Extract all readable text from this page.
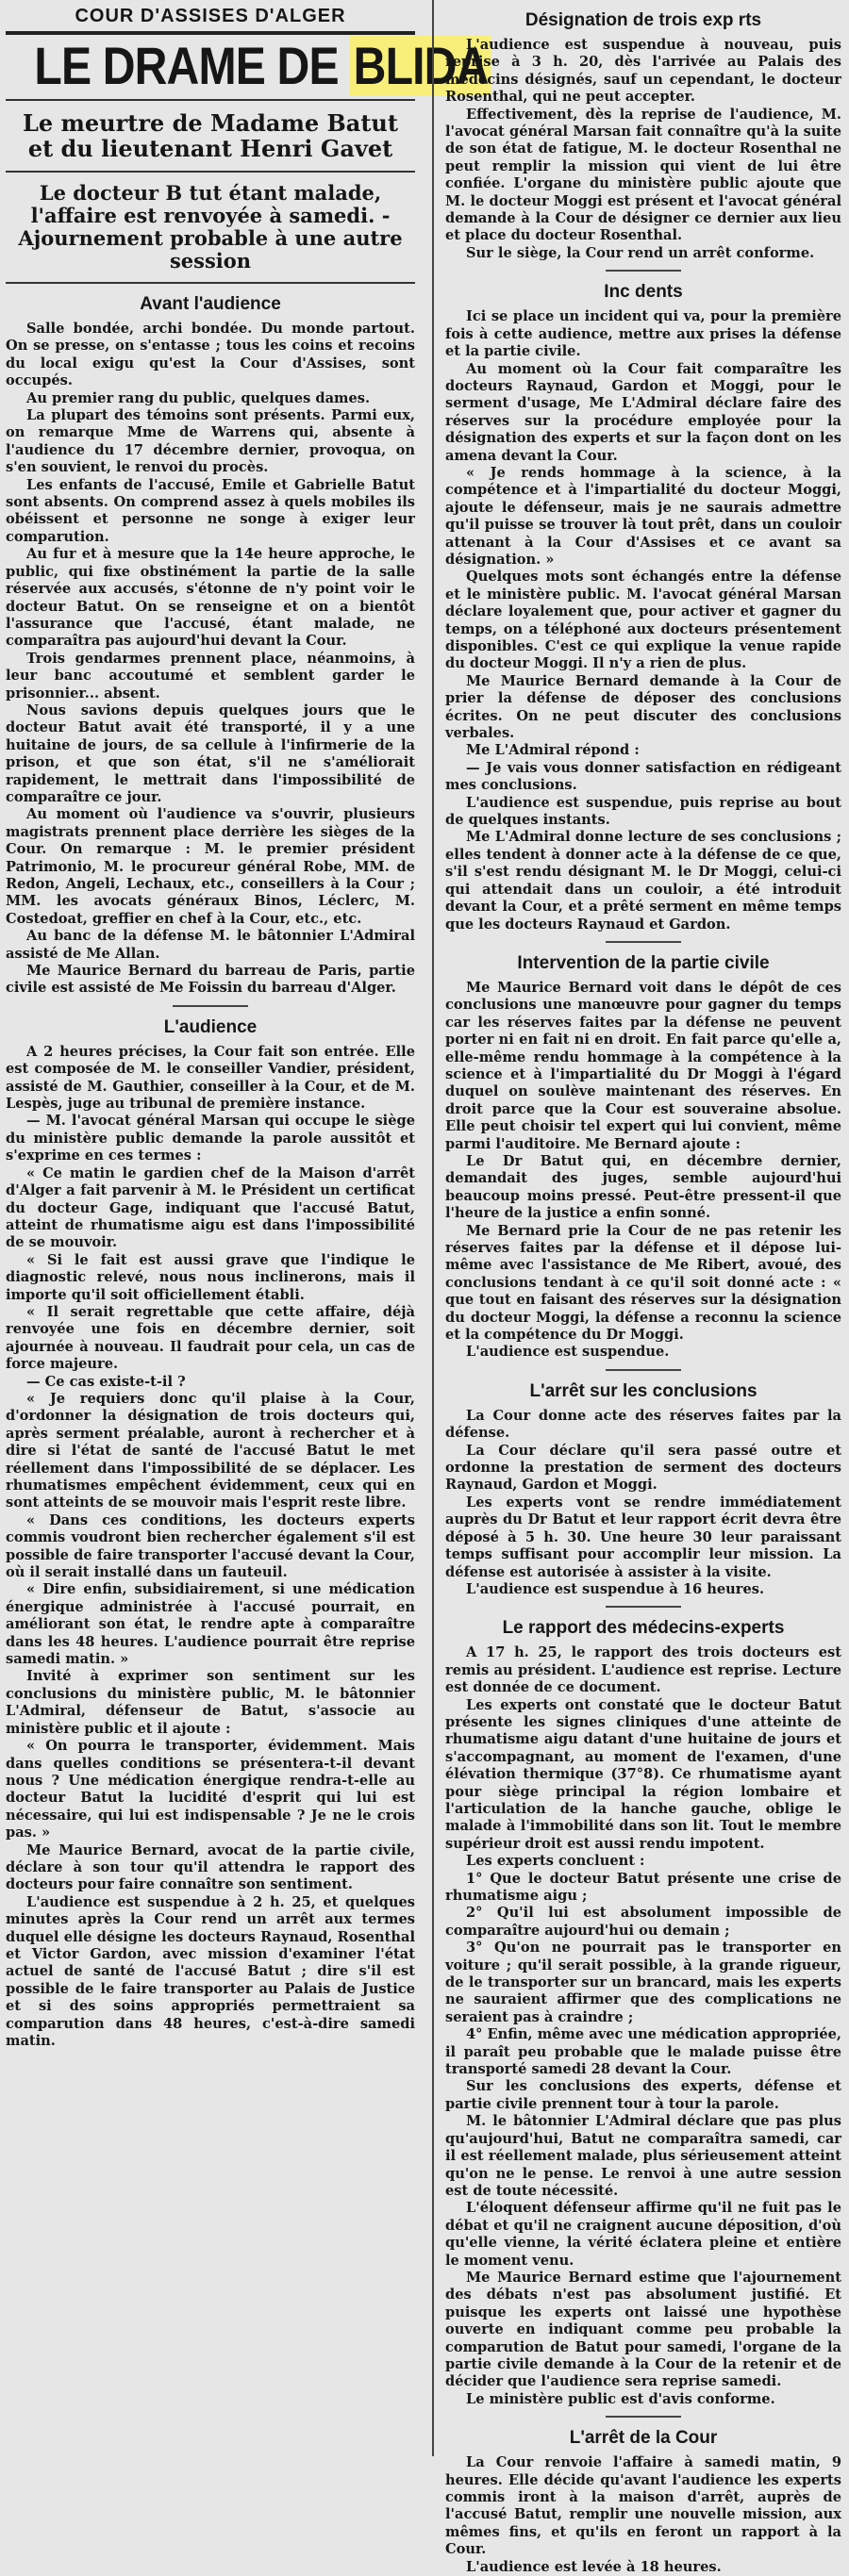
COUR D'ASSISES D'ALGER
LE DRAME DE BLIDA
Le meurtre de Madame Batut et du lieutenant Henri Gavet
Le docteur B tut étant malade, l'affaire est renvoyée à samedi. - Ajournement probable à une autre session
Avant l'audience

Salle bondée, archi bondée. Du monde partout. On se presse, on s'entasse ; tous les coins et recoins du local exigu qu'est la Cour d'Assises, sont occupés.

Au premier rang du public, quelques dames.

La plupart des témoins sont présents. Parmi eux, on remarque Mme de Warrens qui, absente à l'audience du 17 décembre dernier, provoqua, on s'en souvient, le renvoi du procès.

Les enfants de l'accusé, Emile et Gabrielle Batut sont absents. On comprend assez à quels mobiles ils obéissent et personne ne songe à exiger leur comparution.

Au fur et à mesure que la 14e heure approche, le public, qui fixe obstinément la partie de la salle réservée aux accusés, s'étonne de n'y point voir le docteur Batut. On se renseigne et on a bientôt l'assurance que l'accusé, étant malade, ne comparaîtra pas aujourd'hui devant la Cour.

Trois gendarmes prennent place, néanmoins, à leur banc accoutumé et semblent garder le prisonnier... absent.

Nous savions depuis quelques jours que le docteur Batut avait été transporté, il y a une huitaine de jours, de sa cellule à l'infirmerie de la prison, et que son état, s'il ne s'améliorait rapidement, le mettrait dans l'impossibilité de comparaître ce jour.

Au moment où l'audience va s'ouvrir, plusieurs magistrats prennent place derrière les sièges de la Cour. On remarque : M. le premier président Patrimonio, M. le procureur général Robe, MM. de Redon, Angeli, Lechaux, etc., conseillers à la Cour ; MM. les avocats généraux Binos, Léclerc, M. Costedoat, greffier en chef à la Cour, etc., etc.

Au banc de la défense M. le bâtonnier L'Admiral assisté de Me Allan.

Me Maurice Bernard du barreau de Paris, partie civile est assisté de Me Foissin du barreau d'Alger.

L'audience

A 2 heures précises, la Cour fait son entrée. Elle est composée de M. le conseiller Vandier, président, assisté de M. Gauthier, conseiller à la Cour, et de M. Lespès, juge au tribunal de première instance.

— M. l'avocat général Marsan qui occupe le siège du ministère public demande la parole aussitôt et s'exprime en ces termes :

« Ce matin le gardien chef de la Maison d'arrêt d'Alger a fait parvenir à M. le Président un certificat du docteur Gage, indiquant que l'accusé Batut, atteint de rhumatisme aigu est dans l'impossibilité de se mouvoir.

« Si le fait est aussi grave que l'indique le diagnostic relevé, nous nous inclinerons, mais il importe qu'il soit officiellement établi.

« Il serait regrettable que cette affaire, déjà renvoyée une fois en décembre dernier, soit ajournée à nouveau. Il faudrait pour cela, un cas de force majeure.

— Ce cas existe-t-il ?

« Je requiers donc qu'il plaise à la Cour, d'ordonner la désignation de trois docteurs qui, après serment préalable, auront à rechercher et à dire si l'état de santé de l'accusé Batut le met réellement dans l'impossibilité de se déplacer. Les rhumatismes empêchent évidemment, ceux qui en sont atteints de se mouvoir mais l'esprit reste libre.

« Dans ces conditions, les docteurs experts commis voudront bien rechercher également s'il est possible de faire transporter l'accusé devant la Cour, où il serait installé dans un fauteuil.

« Dire enfin, subsidiairement, si une médication énergique administrée à l'accusé pourrait, en améliorant son état, le rendre apte à comparaître dans les 48 heures. L'audience pourrait être reprise samedi matin. »

Invité à exprimer son sentiment sur les conclusions du ministère public, M. le bâtonnier L'Admiral, défenseur de Batut, s'associe au ministère public et il ajoute :

« On pourra le transporter, évidemment. Mais dans quelles conditions se présentera-t-il devant nous ? Une médication énergique rendra-t-elle au docteur Batut la lucidité d'esprit qui lui est nécessaire, qui lui est indispensable ? Je ne le crois pas. »

Me Maurice Bernard, avocat de la partie civile, déclare à son tour qu'il attendra le rapport des docteurs pour faire connaître son sentiment.

L'audience est suspendue à 2 h. 25, et quelques minutes après la Cour rend un arrêt aux termes duquel elle désigne les docteurs Raynaud, Rosenthal et Victor Gardon, avec mission d'examiner l'état actuel de santé de l'accusé Batut ; dire s'il est possible de le faire transporter au Palais de Justice et si des soins appropriés permettraient sa comparution dans 48 heures, c'est-à-dire samedi matin.

Désignation de trois exp rts

L'audience est suspendue à nouveau, puis reprise à 3 h. 20, dès l'arrivée au Palais des médecins désignés, sauf un cependant, le docteur Rosenthal, qui ne peut accepter.

Effectivement, dès la reprise de l'audience, M. l'avocat général Marsan fait connaître qu'à la suite de son état de fatigue, M. le docteur Rosenthal ne peut remplir la mission qui vient de lui être confiée. L'organe du ministère public ajoute que M. le docteur Moggi est présent et l'avocat général demande à la Cour de désigner ce dernier aux lieu et place du docteur Rosenthal.

Sur le siège, la Cour rend un arrêt conforme.

Inc dents

Ici se place un incident qui va, pour la première fois à cette audience, mettre aux prises la défense et la partie civile.

Au moment où la Cour fait comparaître les docteurs Raynaud, Gardon et Moggi, pour le serment d'usage, Me L'Admiral déclare faire des réserves sur la procédure employée pour la désignation des experts et sur la façon dont on les amena devant la Cour.

« Je rends hommage à la science, à la compétence et à l'impartialité du docteur Moggi, ajoute le défenseur, mais je ne saurais admettre qu'il puisse se trouver là tout prêt, dans un couloir attenant à la Cour d'Assises et ce avant sa désignation. »

Quelques mots sont échangés entre la défense et le ministère public. M. l'avocat général Marsan déclare loyalement que, pour activer et gagner du temps, on a téléphoné aux docteurs présentement disponibles. C'est ce qui explique la venue rapide du docteur Moggi. Il n'y a rien de plus.

Me Maurice Bernard demande à la Cour de prier la défense de déposer des conclusions écrites. On ne peut discuter des conclusions verbales.

Me L'Admiral répond :

— Je vais vous donner satisfaction en rédigeant mes conclusions.

L'audience est suspendue, puis reprise au bout de quelques instants.

Me L'Admiral donne lecture de ses conclusions ; elles tendent à donner acte à la défense de ce que, s'il s'est rendu désignant M. le Dr Moggi, celui-ci qui attendait dans un couloir, a été introduit devant la Cour, et a prêté serment en même temps que les docteurs Raynaud et Gardon.

Intervention de la partie civile

Me Maurice Bernard voit dans le dépôt de ces conclusions une manœuvre pour gagner du temps car les réserves faites par la défense ne peuvent porter ni en fait ni en droit. En fait parce qu'elle a, elle-même rendu hommage à la compétence à la science et à l'impartialité du Dr Moggi à l'égard duquel on soulève maintenant des réserves. En droit parce que la Cour est souveraine absolue. Elle peut choisir tel expert qui lui convient, même parmi l'auditoire. Me Bernard ajoute :

Le Dr Batut qui, en décembre dernier, demandait des juges, semble aujourd'hui beaucoup moins pressé. Peut-être pressent-il que l'heure de la justice a enfin sonné.

Me Bernard prie la Cour de ne pas retenir les réserves faites par la défense et il dépose lui-même avec l'assistance de Me Ribert, avoué, des conclusions tendant à ce qu'il soit donné acte : « que tout en faisant des réserves sur la désignation du docteur Moggi, la défense a reconnu la science et la compétence du Dr Moggi.

L'audience est suspendue.

L'arrêt sur les conclusions

La Cour donne acte des réserves faites par la défense.

La Cour déclare qu'il sera passé outre et ordonne la prestation de serment des docteurs Raynaud, Gardon et Moggi.

Les experts vont se rendre immédiatement auprès du Dr Batut et leur rapport écrit devra être déposé à 5 h. 30. Une heure 30 leur paraissant temps suffisant pour accomplir leur mission. La défense est autorisée à assister à la visite.

L'audience est suspendue à 16 heures.

Le rapport des médecins-experts

A 17 h. 25, le rapport des trois docteurs est remis au président. L'audience est reprise. Lecture est donnée de ce document.

Les experts ont constaté que le docteur Batut présente les signes cliniques d'une atteinte de rhumatisme aigu datant d'une huitaine de jours et s'accompagnant, au moment de l'examen, d'une élévation thermique (37°8). Ce rhumatisme ayant pour siège principal la région lombaire et l'articulation de la hanche gauche, oblige le malade à l'immobilité dans son lit. Tout le membre supérieur droit est aussi rendu impotent.

Les experts concluent :

1° Que le docteur Batut présente une crise de rhumatisme aigu ;

2° Qu'il lui est absolument impossible de comparaître aujourd'hui ou demain ;

3° Qu'on ne pourrait pas le transporter en voiture ; qu'il serait possible, à la grande rigueur, de le transporter sur un brancard, mais les experts ne sauraient affirmer que des complications ne seraient pas à craindre ;

4° Enfin, même avec une médication appropriée, il paraît peu probable que le malade puisse être transporté samedi 28 devant la Cour.

Sur les conclusions des experts, défense et partie civile prennent tour à tour la parole.

M. le bâtonnier L'Admiral déclare que pas plus qu'aujourd'hui, Batut ne comparaîtra samedi, car il est réellement malade, plus sérieusement atteint qu'on ne le pense. Le renvoi à une autre session est de toute nécessité.

L'éloquent défenseur affirme qu'il ne fuit pas le débat et qu'il ne craignent aucune déposition, d'où qu'elle vienne, la vérité éclatera pleine et entière le moment venu.

Me Maurice Bernard estime que l'ajournement des débats n'est pas absolument justifié. Et puisque les experts ont laissé une hypothèse ouverte en indiquant comme peu probable la comparution de Batut pour samedi, l'organe de la partie civile demande à la Cour de la retenir et de décider que l'audience sera reprise samedi.

Le ministère public est d'avis conforme.

L'arrêt de la Cour

La Cour renvoie l'affaire à samedi matin, 9 heures. Elle décide qu'avant l'audience les experts commis iront à la maison d'arrêt, auprès de l'accusé Batut, remplir une nouvelle mission, aux mêmes fins, et qu'ils en feront un rapport à la Cour.

L'audience est levée à 18 heures.
